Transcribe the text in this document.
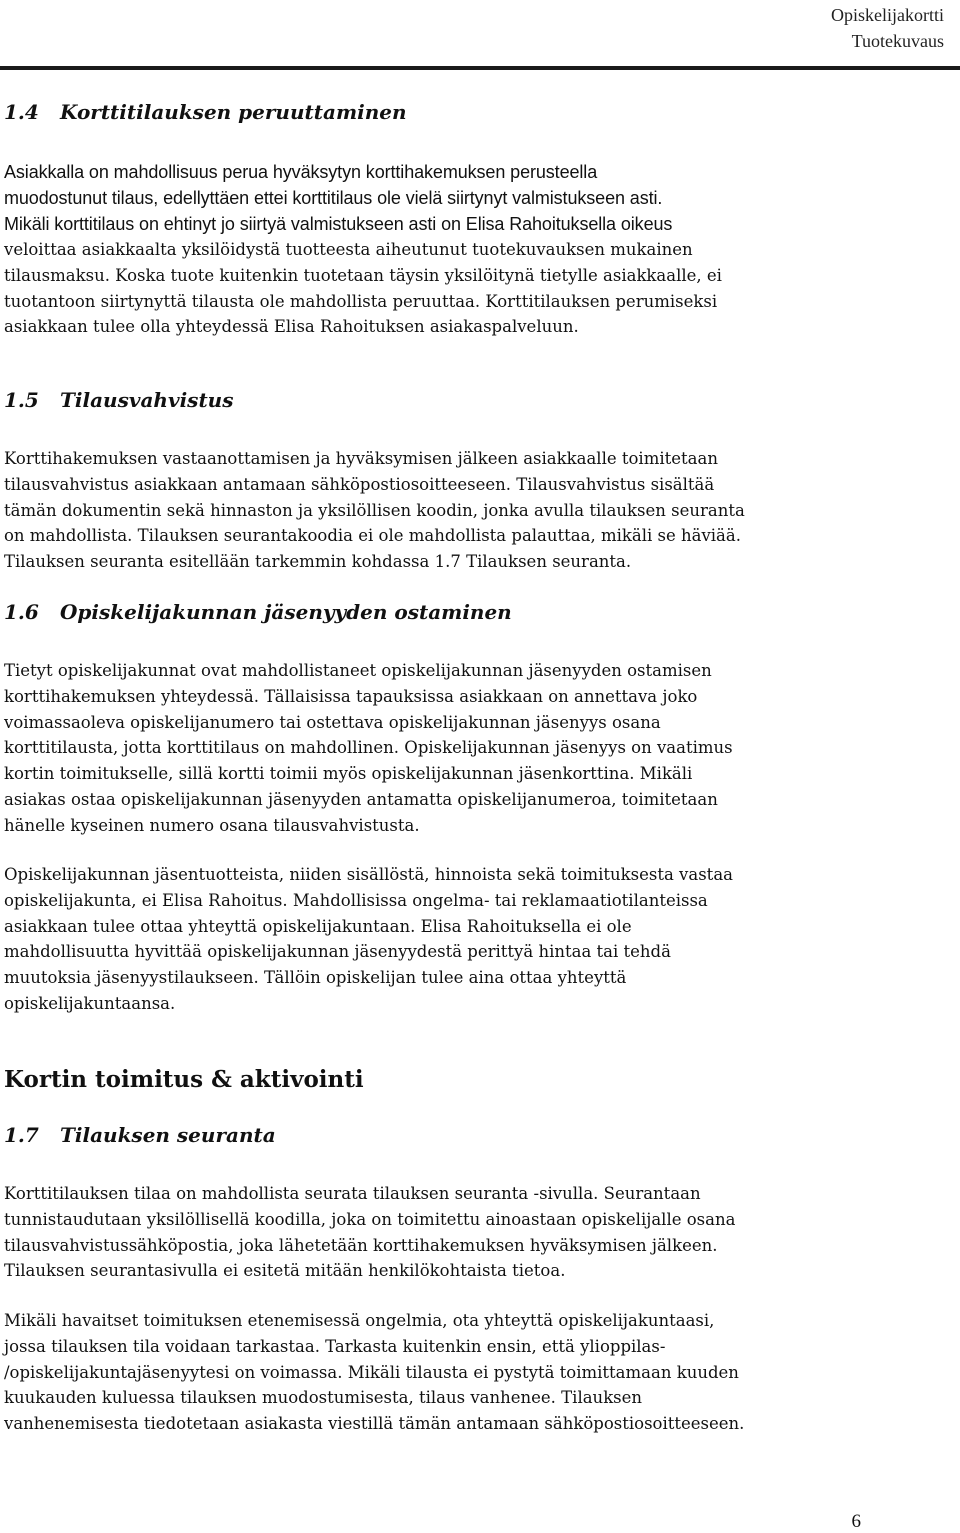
Opiskelijakortti
Tuotekuvaus
1.4 Korttitilauksen peruuttaminen
Asiakkalla on mahdollisuus perua hyväksytyn korttihakemuksen perusteella
muodostunut tilaus, edellyttäen ettei korttitilaus ole vielä siirtynyt valmistukseen asti.
Mikäli korttitilaus on ehtinyt jo siirtyä valmistukseen asti on Elisa Rahoituksella oikeus
veloittaa asiakkaalta yksilöidystä tuotteesta aiheutunut tuotekuvauksen mukainen
tilausmaksu. Koska tuote kuitenkin tuotetaan täysin yksilöitynä tietylle asiakkaalle, ei
tuotantoon siirtynyttä tilausta ole mahdollista peruuttaa. Korttitilauksen perumiseksi
asiakkaan tulee olla yhteydessä Elisa Rahoituksen asiakaspalveluun.
1.5 Tilausvahvistus
Korttihakemuksen vastaanottamisen ja hyväksymisen jälkeen asiakkaalle toimitetaan
tilausvahvistus asiakkaan antamaan sähköpostiosoitteeseen. Tilausvahvistus sisältää
tämän dokumentin sekä hinnaston ja yksilöllisen koodin, jonka avulla tilauksen seuranta
on mahdollista. Tilauksen seurantakoodia ei ole mahdollista palauttaa, mikäli se häviää.
Tilauksen seuranta esitellään tarkemmin kohdassa 1.7 Tilauksen seuranta.
1.6 Opiskelijakunnan jäsenyyden ostaminen
Tietyt opiskelijakunnat ovat mahdollistaneet opiskelijakunnan jäsenyyden ostamisen
korttihakemuksen yhteydessä. Tällaisissa tapauksissa asiakkaan on annettava joko
voimassaoleva opiskelijanumero tai ostettava opiskelijakunnan jäsenyys osana
korttitilausta, jotta korttitilaus on mahdollinen. Opiskelijakunnan jäsenyys on vaatimus
kortin toimitukselle, sillä kortti toimii myös opiskelijakunnan jäsenkorttina. Mikäli
asiakas ostaa opiskelijakunnan jäsenyyden antamatta opiskelijanumeroa, toimitetaan
hänelle kyseinen numero osana tilausvahvistusta.
Opiskelijakunnan jäsentuotteista, niiden sisällöstä, hinnoista sekä toimituksesta vastaa
opiskelijakunta, ei Elisa Rahoitus. Mahdollisissa ongelma- tai reklamaatiotilanteissa
asiakkaan tulee ottaa yhteyttä opiskelijakuntaan. Elisa Rahoituksella ei ole
mahdollisuutta hyvittää opiskelijakunnan jäsenyydestä perittyä hintaa tai tehdä
muutoksia jäsenyystilaukseen. Tällöin opiskelijan tulee aina ottaa yhteyttä
opiskelijakuntaansa.
Kortin toimitus & aktivointi
1.7 Tilauksen seuranta
Korttitilauksen tilaa on mahdollista seurata tilauksen seuranta -sivulla. Seurantaan
tunnistaudutaan yksilöllisellä koodilla, joka on toimitettu ainoastaan opiskelijalle osana
tilausvahvistussähköpostia, joka lähetetään korttihakemuksen hyväksymisen jälkeen.
Tilauksen seurantasivulla ei esitetä mitään henkilökohtaista tietoa.
Mikäli havaitset toimituksen etenemisessä ongelmia, ota yhteyttä opiskelijakuntaasi,
jossa tilauksen tila voidaan tarkastaa. Tarkasta kuitenkin ensin, että ylioppilas-
/opiskelijakuntajäsenyytesi on voimassa. Mikäli tilausta ei pystytä toimittamaan kuuden
kuukauden kuluessa tilauksen muodostumisesta, tilaus vanhenee. Tilauksen
vanhenemisesta tiedotetaan asiakasta viestillä tämän antamaan sähköpostiosoitteeseen.
6
